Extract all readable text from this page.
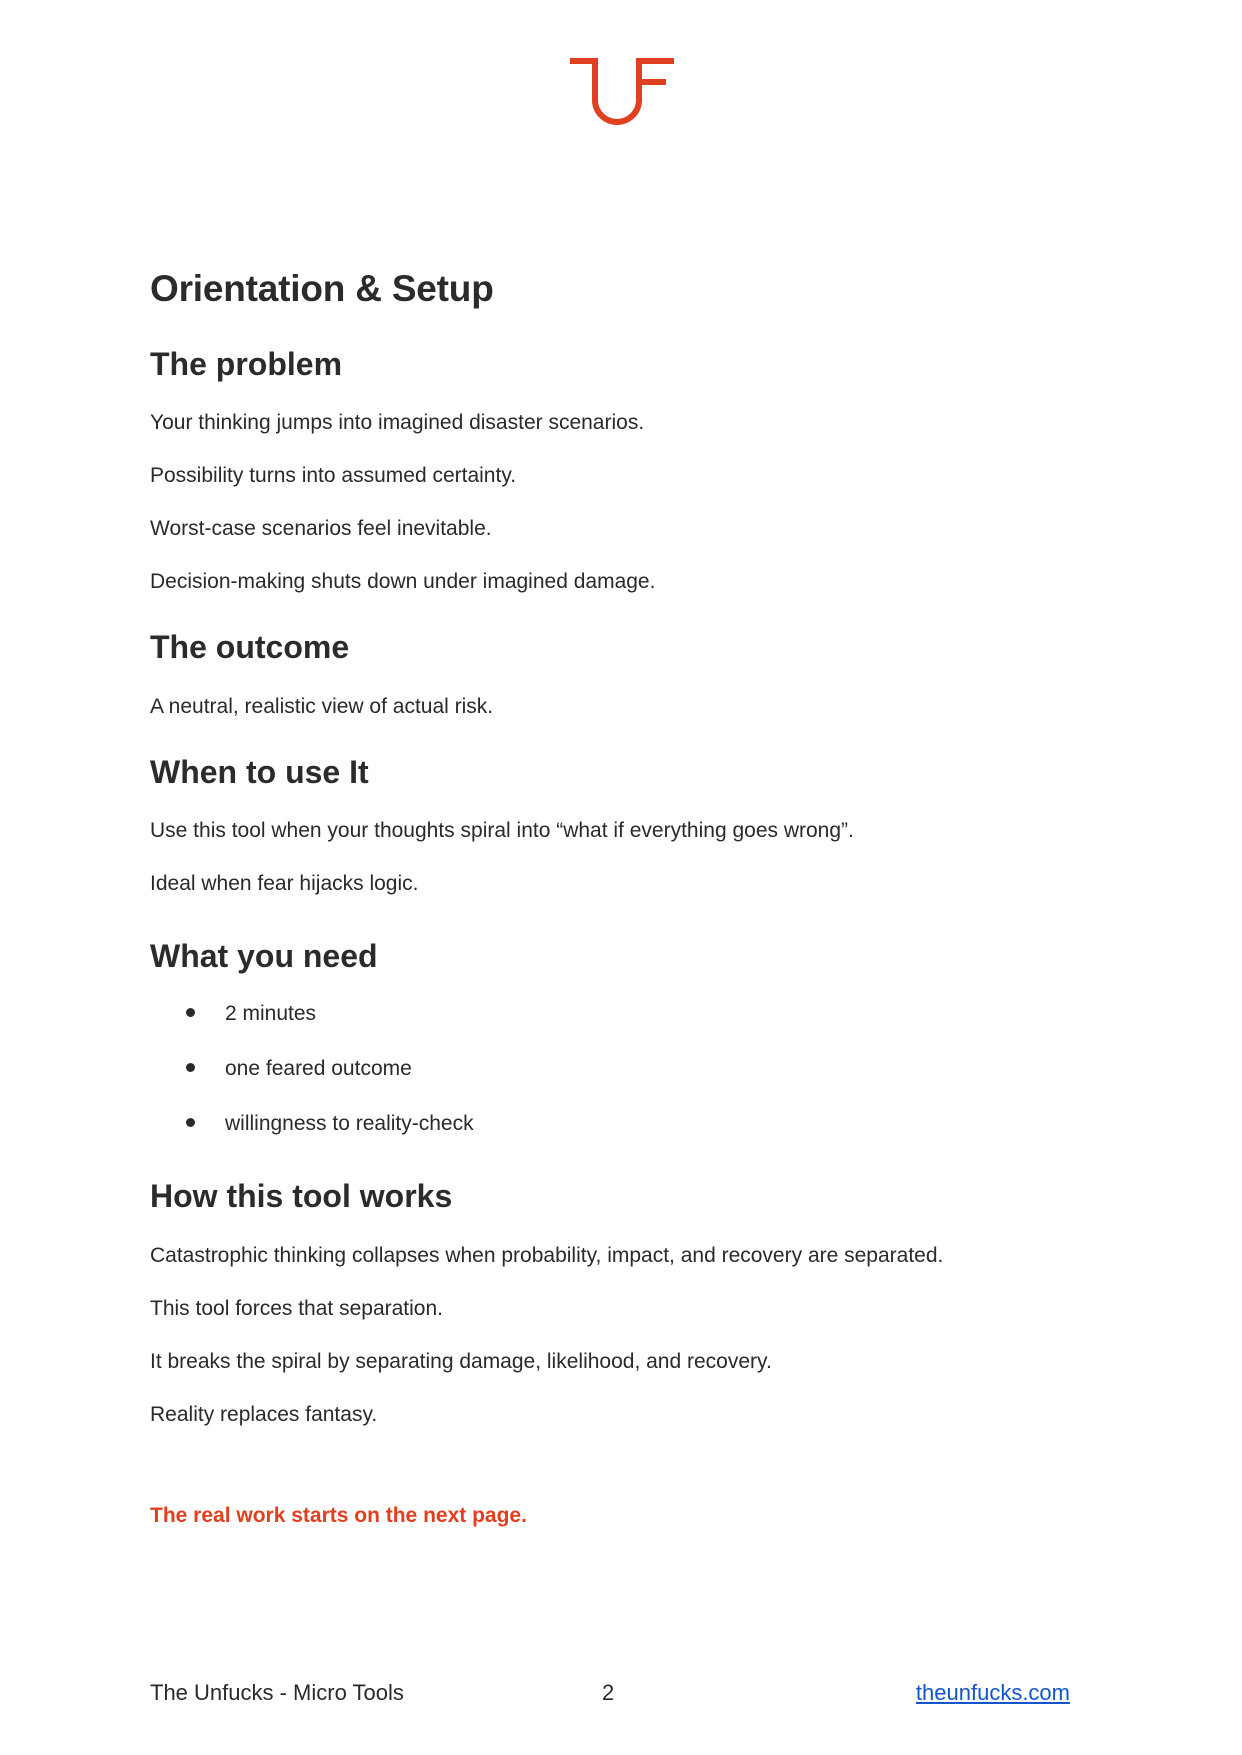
Orientation & Setup
The problem

Your thinking jumps into imagined disaster scenarios.

Possibility turns into assumed certainty.

Worst-case scenarios feel inevitable.

Decision-making shuts down under imagined damage.

The outcome

A neutral, realistic view of actual risk.

When to use It

Use this tool when your thoughts spiral into “what if everything goes wrong”.

Ideal when fear hijacks logic.

What you need
2 minutes
one feared outcome
willingness to reality-check
How this tool works

Catastrophic thinking collapses when probability, impact, and recovery are separated.

This tool forces that separation.

It breaks the spiral by separating damage, likelihood, and recovery.

Reality replaces fantasy.

The real work starts on the next page.

The Unfucks - Micro Tools	2	theunfucks.com
